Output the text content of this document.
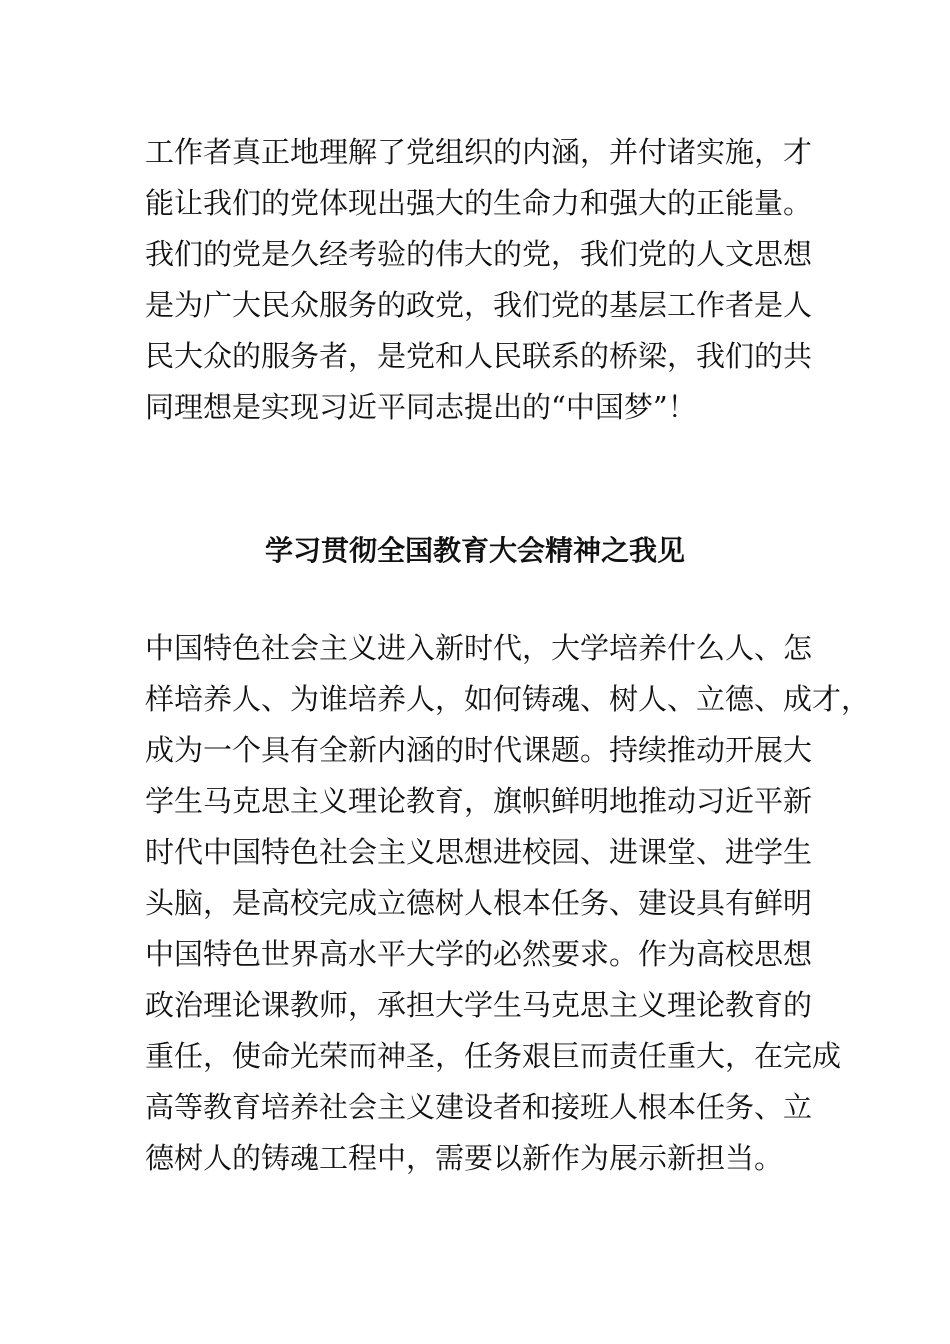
工作者真正地理解了党组织的内涵，并付诸实施，才
能让我们的党体现出强大的生命力和强大的正能量。
我们的党是久经考验的伟大的党，我们党的人文思想
是为广大民众服务的政党，我们党的基层工作者是人
民大众的服务者，是党和人民联系的桥梁，我们的共
同理想是实现习近平同志提出的“中国梦”！
学习贯彻全国教育大会精神之我见
中国特色社会主义进入新时代，大学培养什么人、怎
样培养人、为谁培养人，如何铸魂、树人、立德、成才，
成为一个具有全新内涵的时代课题。持续推动开展大
学生马克思主义理论教育，旗帜鲜明地推动习近平新
时代中国特色社会主义思想进校园、进课堂、进学生
头脑，是高校完成立德树人根本任务、建设具有鲜明
中国特色世界高水平大学的必然要求。作为高校思想
政治理论课教师，承担大学生马克思主义理论教育的
重任，使命光荣而神圣，任务艰巨而责任重大，在完成
高等教育培养社会主义建设者和接班人根本任务、立
德树人的铸魂工程中，需要以新作为展示新担当。
